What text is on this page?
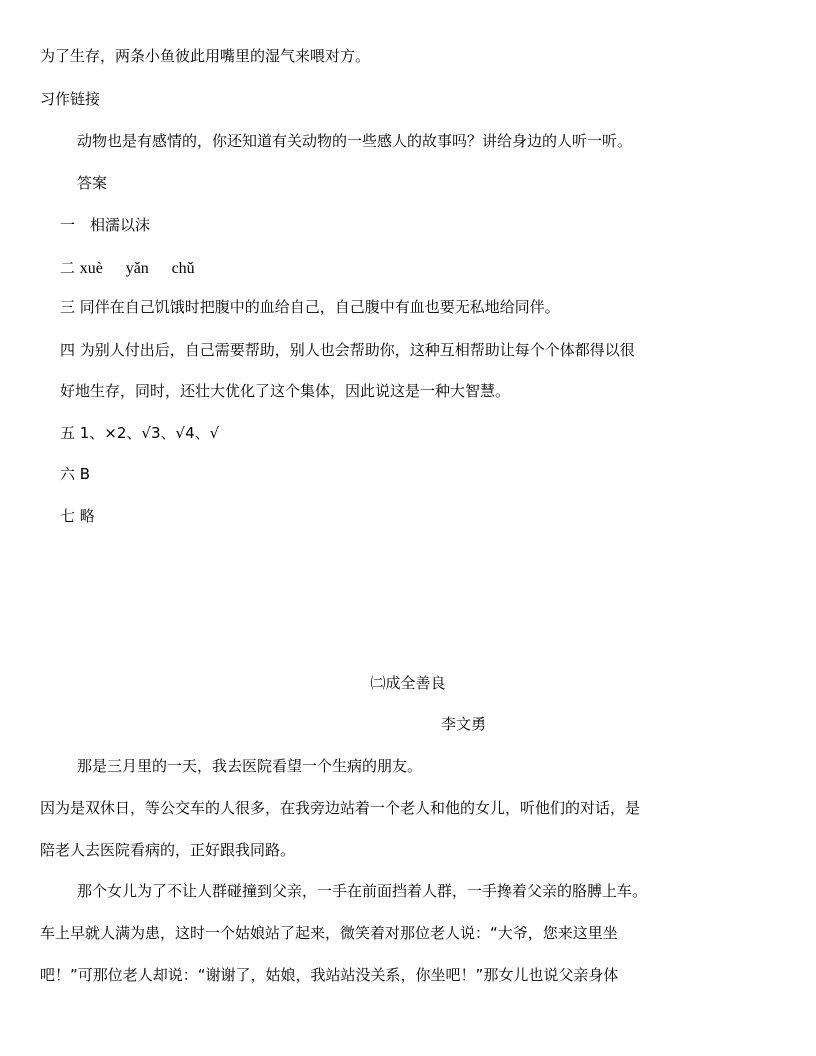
为了生存，两条小鱼彼此用嘴里的湿气来喂对方。
习作链接
动物也是有感情的，你还知道有关动物的一些感人的故事吗？讲给身边的人听一听。
答案
一　相濡以沫
二 xuè yǎn chǔ
三 同伴在自己饥饿时把腹中的血给自己，自己腹中有血也要无私地给同伴。
四 为别人付出后，自己需要帮助，别人也会帮助你，这种互相帮助让每个个体都得以很
好地生存，同时，还壮大优化了这个集体，因此说这是一种大智慧。
五 1、×2、√3、√4、√
六 B
七 略
㈡成全善良
李文勇
那是三月里的一天，我去医院看望一个生病的朋友。
因为是双休日，等公交车的人很多，在我旁边站着一个老人和他的女儿，听他们的对话，是
陪老人去医院看病的，正好跟我同路。
那个女儿为了不让人群碰撞到父亲，一手在前面挡着人群，一手搀着父亲的胳膊上车。
车上早就人满为患，这时一个姑娘站了起来，微笑着对那位老人说：“大爷，您来这里坐
吧！”可那位老人却说：“谢谢了，姑娘，我站站没关系，你坐吧！”那女儿也说父亲身体
